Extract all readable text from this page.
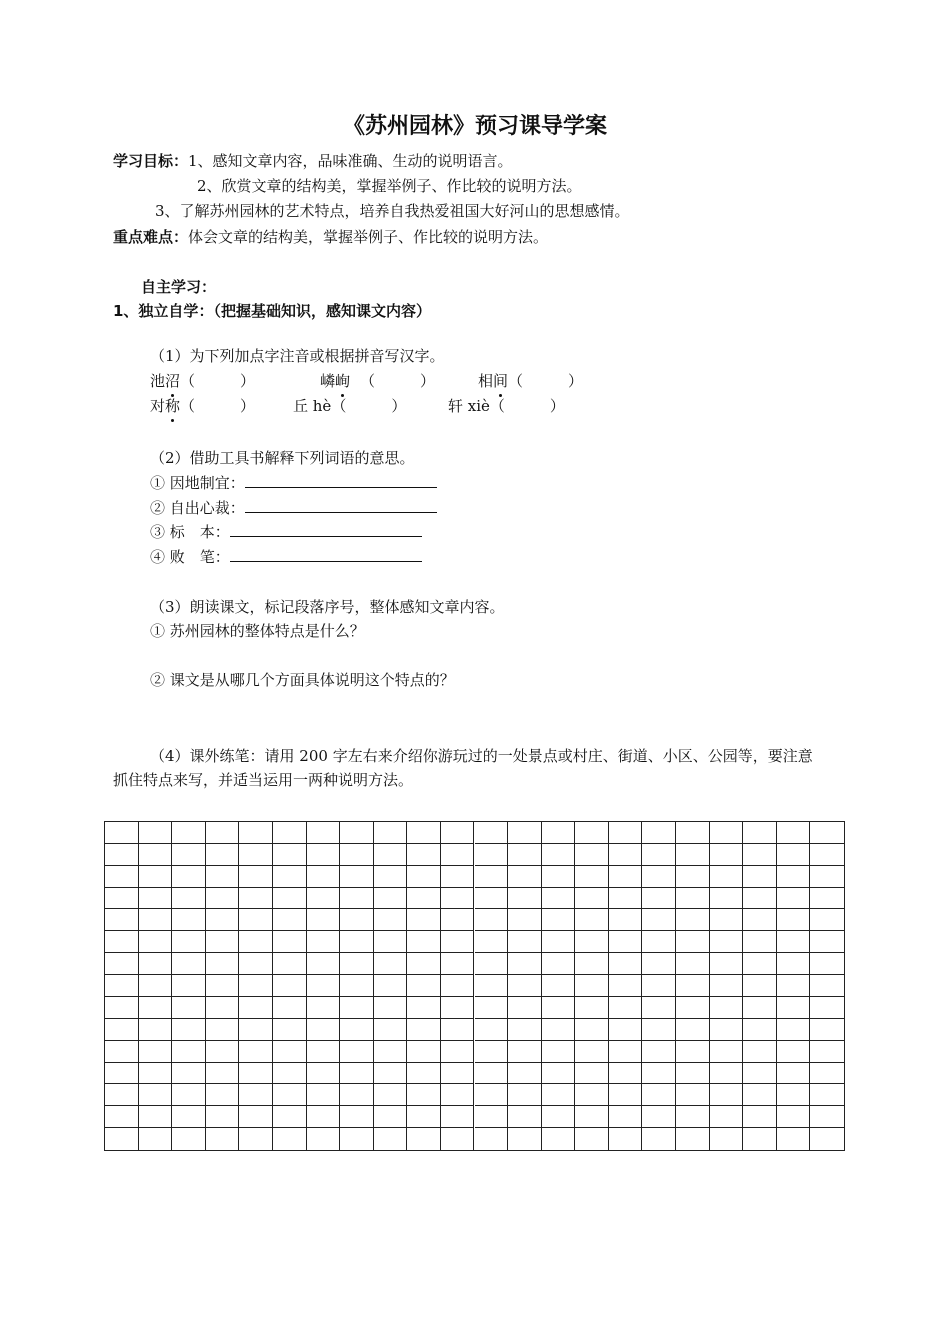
《苏州园林》预习课导学案
学习目标：1、感知文章内容，品味准确、生动的说明语言。
2、欣赏文章的结构美，掌握举例子、作比较的说明方法。
3、了解苏州园林的艺术特点，培养自我热爱祖国大好河山的思想感情。
重点难点：体会文章的结构美，掌握举例子、作比较的说明方法。
自主学习：
1、独立自学：（把握基础知识，感知课文内容）
（1）为下列加点字注音或根据拼音写汉字。
池沼（　　　）	嶙峋 （　　　）	相间（　　　）
对称（　　　）	丘 hè（　　　）	轩 xiè（　　　）
（2）借助工具书解释下列词语的意思。
① 因地制宜：
② 自出心裁：
③ 标　本：
④ 败　笔：
（3）朗读课文，标记段落序号，整体感知文章内容。
① 苏州园林的整体特点是什么？
② 课文是从哪几个方面具体说明这个特点的？
（4）课外练笔：请用 200 字左右来介绍你游玩过的一处景点或村庄、街道、小区、公园等，要注意
抓住特点来写，并适当运用一两种说明方法。
